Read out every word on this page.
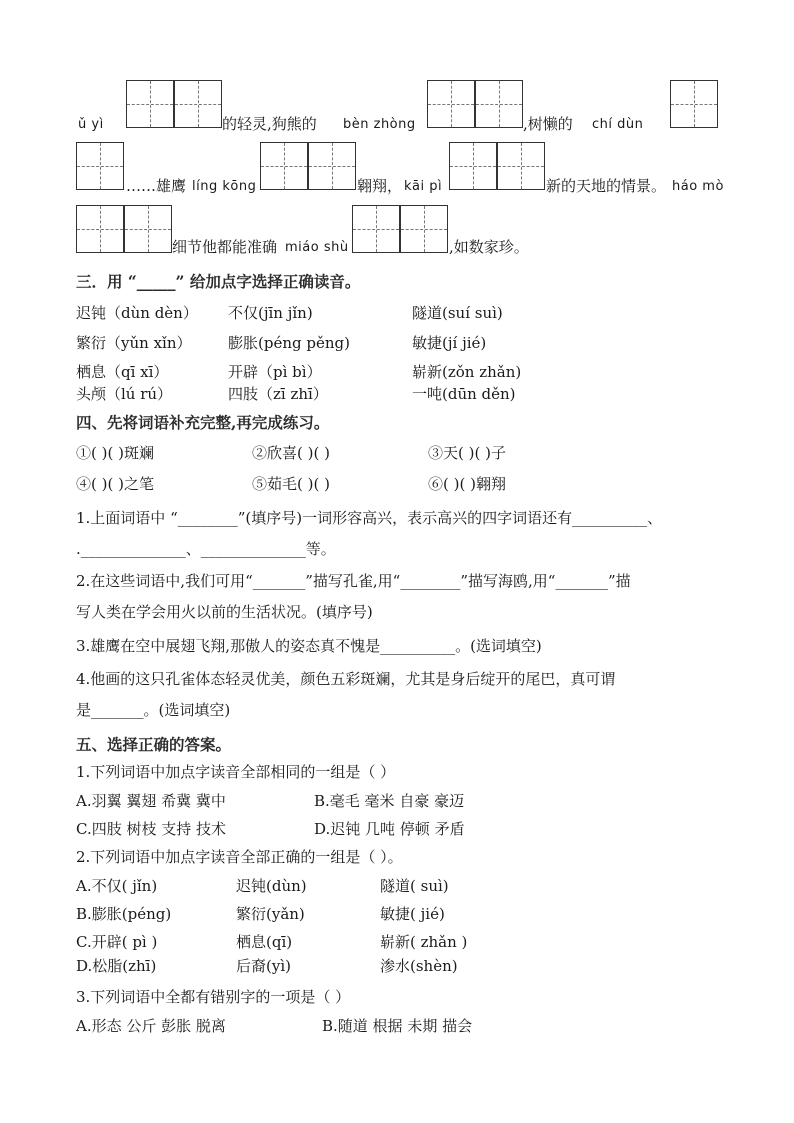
ǔ yì	的轻灵,狗熊的 bèn zhòng	,树懒的 chí dùn
……雄鹰 líng kōng	翱翔， kāi pì	新的天地的情景。 háo mò
细节他都能准确 miáo shù	,如数家珍。
三．用 “_____” 给加点字选择正确读音。
迟钝（dùn dèn） 不仅(jīn jǐn)	隧道(suí suì)
繁衍（yǔn xǐn） 膨胀(péng pěng)	敏捷(jí jié)
栖息（qī xī）	开辟（pì bì）	崭新(zǒn zhǎn)
头颅（lú rú）	四肢（zī zhī）	一吨(dūn děn)
四、先将词语补充完整,再完成练习。
①( )( )斑斓	②欣喜( )( )	③天( )( )子
④( )( )之笔	⑤茹毛( )( )	⑥( )( )翱翔
1.上面词语中 “________”(填序号)一词形容高兴，表示高兴的四字词语还有__________、
.______________、______________等。
2.在这些词语中,我们可用“_______”描写孔雀,用“________”描写海鸥,用“_______”描
写人类在学会用火以前的生活状况。(填序号)
3.雄鹰在空中展翅飞翔,那傲人的姿态真不愧是__________。(选词填空)
4.他画的这只孔雀体态轻灵优美，颜色五彩斑斓，尤其是身后绽开的尾巴，真可谓
是_______。(选词填空)
五、选择正确的答案。
1.下列词语中加点字读音全部相同的一组是（ ）
A.羽翼 翼翅 希冀 冀中	B.毫毛 毫米 自豪 豪迈
C.四肢 树枝 支持 技术	D.迟钝 几吨 停顿 矛盾
2.下列词语中加点字读音全部正确的一组是（ ）。
A.不仅( jǐn)	迟钝(dùn)	隧道( suì)
B.膨胀(péng)	繁衍(yǎn)	敏捷( jié)
C.开辟( pì )	栖息(qī)	崭新( zhǎn )
D.松脂(zhī)	后裔(yì)	渗水(shèn)
3.下列词语中全都有错别字的一项是（ ）
A.形态 公斤 彭胀 脱离	B.随道 根据 未期 描会
